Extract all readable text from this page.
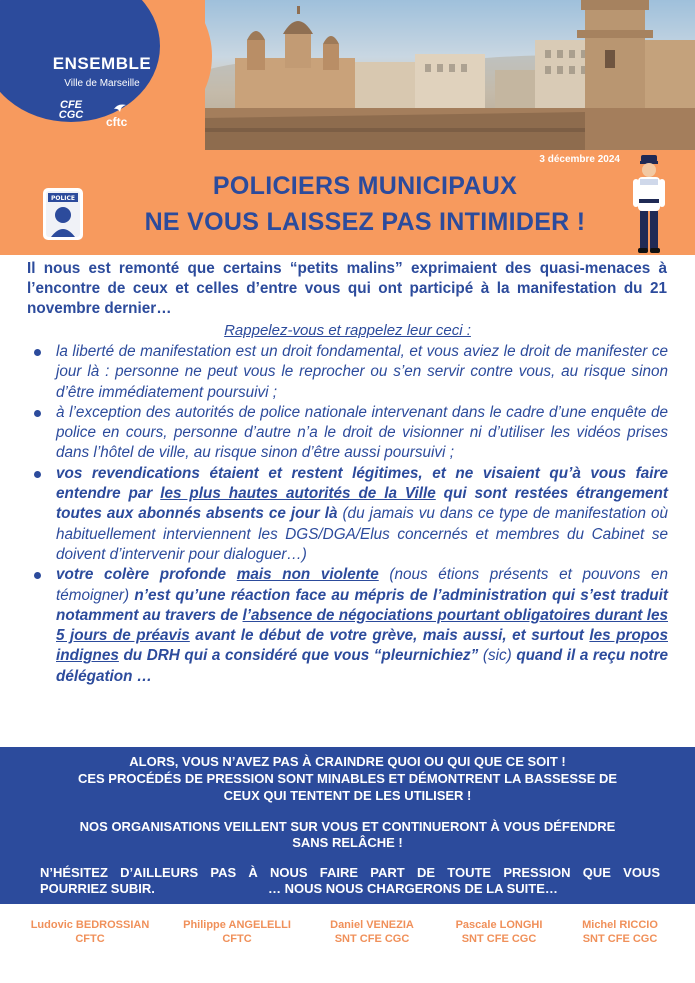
ENSEMBLE
Ville de Marseille
CFE
CGC cftc
3 décembre 2024
POLICE	POLICIERS MUNICIPAUX
NE VOUS LAISSEZ PAS INTIMIDER !

Il nous est remonté que certains “petits malins” exprimaient des quasi-menaces à l’encontre de ceux et celles d’entre vous qui ont participé à la manifestation du 21 novembre dernier…

Rappelez-vous et rappelez leur ceci :

la liberté de manifestation est un droit fondamental, et vous aviez le droit de manifester ce jour là : personne ne peut vous le reprocher ou s’en servir contre vous, au risque sinon d’être immédiatement poursuivi ;
à l’exception des autorités de police nationale intervenant dans le cadre d’une enquête de police en cours, personne d’autre n’a le droit de visionner ni d’utiliser les vidéos prises dans l’hôtel de ville, au risque sinon d’être aussi poursuivi ;
vos revendications étaient et restent légitimes, et ne visaient qu’à vous faire entendre par les plus hautes autorités de la Ville qui sont restées étrangement toutes aux abonnés absents ce jour là (du jamais vu dans ce type de manifestation où habituellement interviennent les DGS/DGA/Elus concernés et membres du Cabinet se doivent d’intervenir pour dialoguer…)
votre colère profonde mais non violente (nous étions présents et pouvons en témoigner) n’est qu’une réaction face au mépris de l’administration qui s’est traduit notamment au travers de l’absence de négociations pourtant obligatoires durant les 5 jours de préavis avant le début de votre grève, mais aussi, et surtout les propos indignes du DRH qui a considéré que vous “pleurnichiez” (sic) quand il a reçu notre délégation …
ALORS, VOUS N’AVEZ PAS À CRAINDRE QUOI OU QUI QUE CE SOIT !
CES PROCÉDÉS DE PRESSION SONT MINABLES ET DÉMONTRENT LA BASSESSE DE
CEUX QUI TENTENT DE LES UTILISER !
NOS ORGANISATIONS VEILLENT SUR VOUS ET CONTINUERONT À VOUS DÉFENDRE
SANS RELÂCHE !
N’HÉSITEZ D’AILLEURS PAS À NOUS FAIRE PART DE TOUTE PRESSION QUE VOUS
POURRIEZ SUBIR.	… NOUS NOUS CHARGERONS DE LA SUITE…
Ludovic BEDROSSIAN
CFTC
Philippe ANGELELLI
CFTC
Daniel VENEZIA
SNT CFE CGC
Pascale LONGHI
SNT CFE CGC
Michel RICCIO
SNT CFE CGC
